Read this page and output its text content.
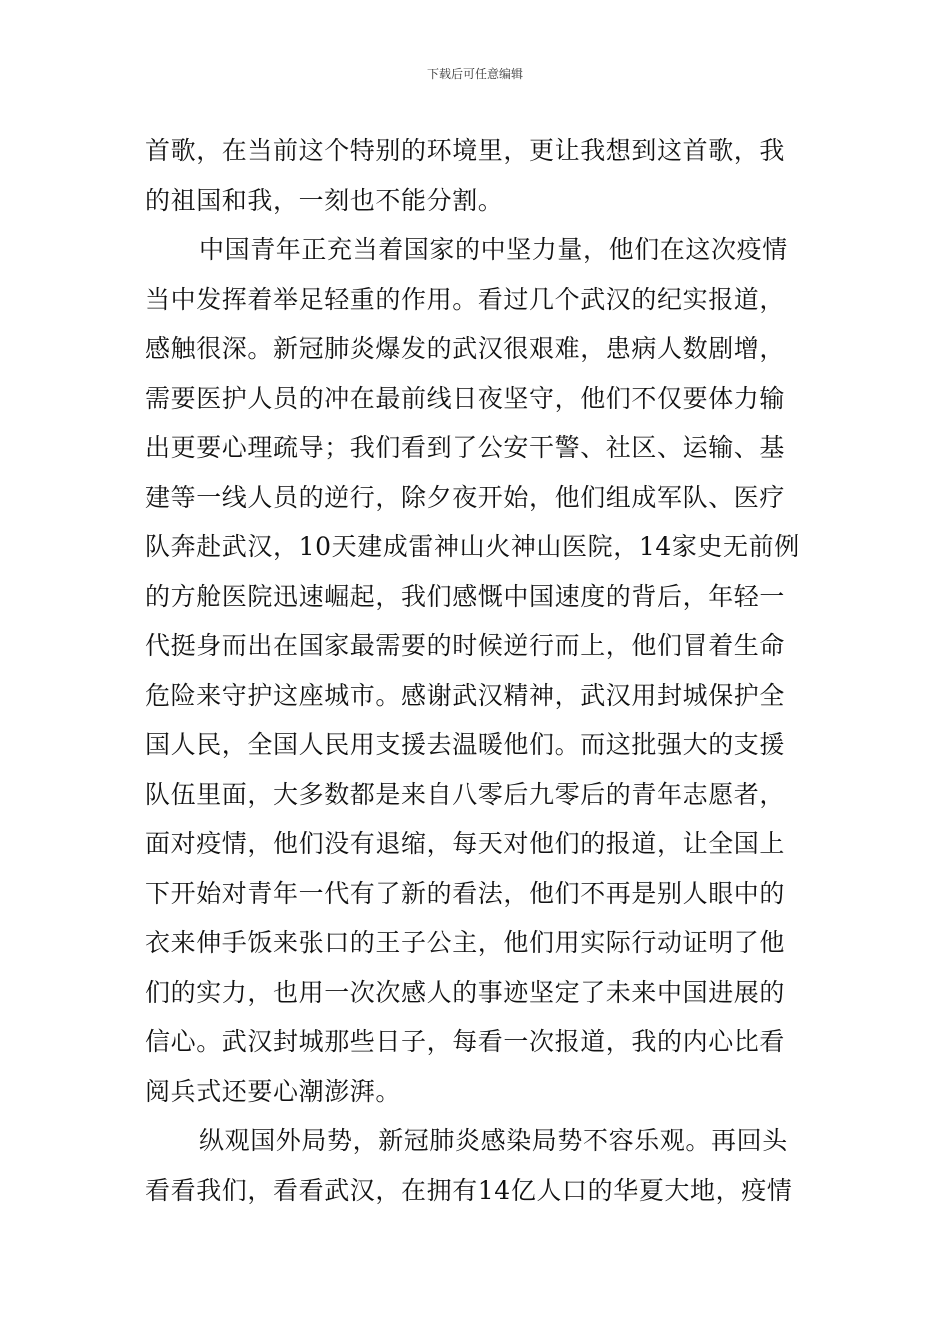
下载后可任意编辑
首歌，在当前这个特别的环境里，更让我想到这首歌，我
的祖国和我，一刻也不能分割。
中国青年正充当着国家的中坚力量，他们在这次疫情
当中发挥着举足轻重的作用。看过几个武汉的纪实报道，
感触很深。新冠肺炎爆发的武汉很艰难，患病人数剧增，
需要医护人员的冲在最前线日夜坚守，他们不仅要体力输
出更要心理疏导；我们看到了公安干警、社区、运输、基
建等一线人员的逆行，除夕夜开始，他们组成军队、医疗
队奔赴武汉，10天建成雷神山火神山医院，14家史无前例
的方舱医院迅速崛起，我们感慨中国速度的背后，年轻一
代挺身而出在国家最需要的时候逆行而上，他们冒着生命
危险来守护这座城市。感谢武汉精神，武汉用封城保护全
国人民，全国人民用支援去温暖他们。而这批强大的支援
队伍里面，大多数都是来自八零后九零后的青年志愿者，
面对疫情，他们没有退缩，每天对他们的报道，让全国上
下开始对青年一代有了新的看法，他们不再是别人眼中的
衣来伸手饭来张口的王子公主，他们用实际行动证明了他
们的实力，也用一次次感人的事迹坚定了未来中国进展的
信心。武汉封城那些日子，每看一次报道，我的内心比看
阅兵式还要心潮澎湃。
纵观国外局势，新冠肺炎感染局势不容乐观。再回头
看看我们，看看武汉，在拥有14亿人口的华夏大地，疫情
